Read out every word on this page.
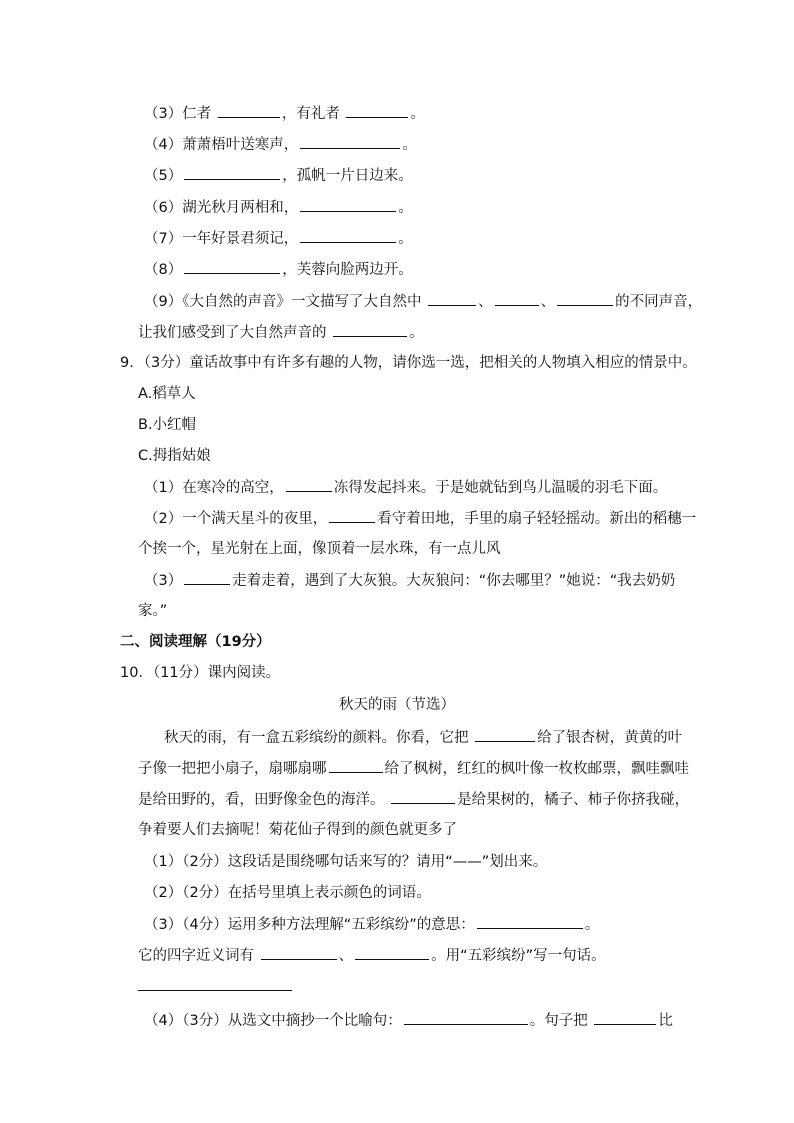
（3）仁者	，有礼者	。
（4）萧萧梧叶送寒声，	。
（5）	，孤帆一片日边来。
（6）湖光秋月两相和，	。
（7）一年好景君须记，	。
（8）	，芙蓉向脸两边开。
（9）《大自然的声音》一文描写了大自然中	、	、	的不同声音，
让我们感受到了大自然声音的	。
9．（3分）童话故事中有许多有趣的人物，请你选一选，把相关的人物填入相应的情景中。
A.稻草人
B.小红帽
C.拇指姑娘
（1）在寒冷的高空，	冻得发起抖来。于是她就钻到鸟儿温暖的羽毛下面。
（2）一个满天星斗的夜里，	看守着田地，手里的扇子轻轻摇动。新出的稻穗一
个挨一个，星光射在上面，像顶着一层水珠，有一点儿风
（3）	走着走着，遇到了大灰狼。大灰狼问：“你去哪里？”她说：“我去奶奶
家。”
二、阅读理解（19分）
10．（11分）课内阅读。
秋天的雨（节选）
秋天的雨，有一盒五彩缤纷的颜料。你看，它把	给了银杏树，黄黄的叶
子像一把把小扇子，扇哪扇哪	给了枫树，红红的枫叶像一枚枚邮票，飘哇飘哇
是给田野的，看，田野像金色的海洋。	是给果树的，橘子、柿子你挤我碰，
争着要人们去摘呢！菊花仙子得到的颜色就更多了
（1）（2分）这段话是围绕哪句话来写的？请用“——”划出来。
（2）（2分）在括号里填上表示颜色的词语。
（3）（4分）运用多种方法理解“五彩缤纷”的意思：	。
它的四字近义词有	、	。用“五彩缤纷”写一句话。
（4）（3分）从选文中摘抄一个比喻句：	。句子把	比
